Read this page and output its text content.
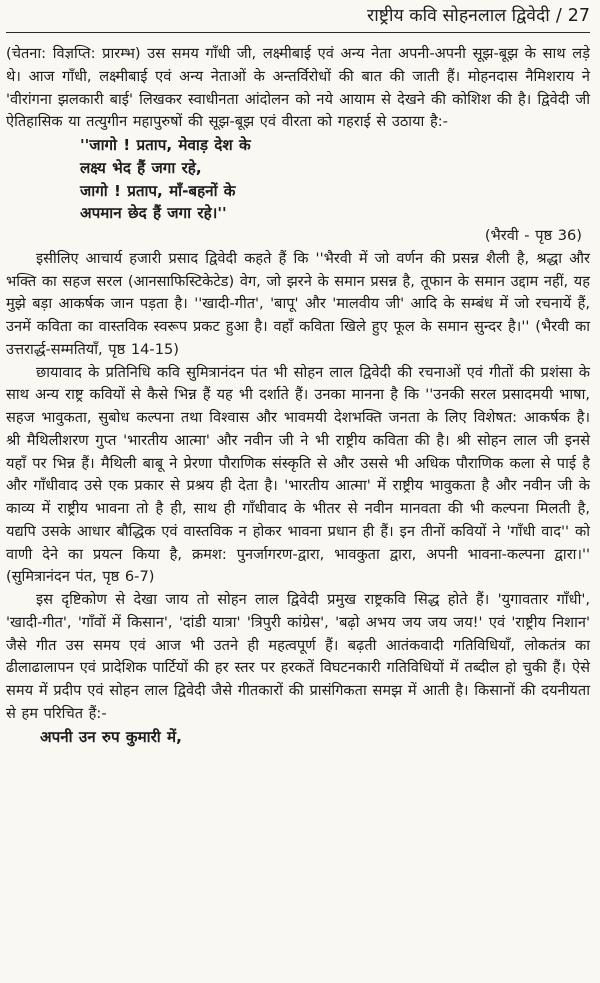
राष्ट्रीय कवि सोहनलाल द्विवेदी / 27

(चेतना: विज्ञप्ति: प्रारम्भ) उस समय गाँधी जी, लक्ष्मीबाई एवं अन्य नेता अपनी-अपनी सूझ-बूझ के साथ लड़े थे। आज गाँधी, लक्ष्मीबाई एवं अन्य नेताओं के अन्तर्विरोधों की बात की जाती हैं। मोहनदास नैमिशराय ने 'वीरांगना झलकारी बाई' लिखकर स्वाधीनता आंदोलन को नये आयाम से देखने की कोशिश की है। द्विवेदी जी ऐतिहासिक या तत्युगीन महापुरुषों की सूझ-बूझ एवं वीरता को गहराई से उठाया है:-

''जागो ! प्रताप, मेवाड़ देश के
लक्ष्य भेद हैं जगा रहे,
जागो ! प्रताप, माँ-बहनों के
अपमान छेद हैं जगा रहे।''

(भैरवी - पृष्ठ 36)

इसीलिए आचार्य हजारी प्रसाद द्विवेदी कहते हैं कि ''भैरवी में जो वर्णन की प्रसन्न शैली है, श्रद्धा और भक्ति का सहज सरल (आनसाफिस्टिकेटेड) वेग, जो झरने के समान प्रसन्न है, तूफान के समान उद्दाम नहीं, यह मुझे बड़ा आकर्षक जान पड़ता है। ''खादी-गीत', 'बापू' और 'मालवीय जी' आदि के सम्बंध में जो रचनायें हैं, उनमें कविता का वास्तविक स्वरूप प्रकट हुआ है। वहाँ कविता खिले हुए फूल के समान सुन्दर है।'' (भैरवी का उत्तरार्द्ध-सम्मतियाँ, पृष्ठ 14-15)

छायावाद के प्रतिनिधि कवि सुमित्रानंदन पंत भी सोहन लाल द्विवेदी की रचनाओं एवं गीतों की प्रशंसा के साथ अन्य राष्ट्र कवियों से कैसे भिन्न हैं यह भी दर्शाते हैं। उनका मानना है कि ''उनकी सरल प्रसादमयी भाषा, सहज भावुकता, सुबोध कल्पना तथा विश्वास और भावमयी देशभक्ति जनता के लिए विशेषत: आकर्षक है। श्री मैथिलीशरण गुप्त 'भारतीय आत्मा' और नवीन जी ने भी राष्ट्रीय कविता की है। श्री सोहन लाल जी इनसे यहाँ पर भिन्न हैं। मैथिली बाबू ने प्रेरणा पौराणिक संस्कृति से और उससे भी अधिक पौराणिक कला से पाई है और गाँधीवाद उसे एक प्रकार से प्रश्रय ही देता है। 'भारतीय आत्मा' में राष्ट्रीय भावुकता है और नवीन जी के काव्य में राष्ट्रीय भावना तो है ही, साथ ही गाँधीवाद के भीतर से नवीन मानवता की भी कल्पना मिलती है, यद्यपि उसके आधार बौद्धिक एवं वास्तविक न होकर भावना प्रधान ही हैं। इन तीनों कवियों ने 'गाँधी वाद'' को वाणी देने का प्रयत्न किया है, क्रमश: पुनर्जागरण-द्वारा, भावकुता द्वारा, अपनी भावना-कल्पना द्वारा।'' (सुमित्रानंदन पंत, पृष्ठ 6-7)

इस दृष्टिकोण से देखा जाय तो सोहन लाल द्विवेदी प्रमुख राष्ट्रकवि सिद्ध होते हैं। 'युगावतार गाँधी', 'खादी-गीत', 'गाँवों में किसान', 'दांडी यात्रा' 'त्रिपुरी कांग्रेस', 'बढ़ो अभय जय जय जय!' एवं 'राष्ट्रीय निशान' जैसे गीत उस समय एवं आज भी उतने ही महत्वपूर्ण हैं। बढ़ती आतंकवादी गतिविधियाँ, लोकतंत्र का ढीलाढालापन एवं प्रादेशिक पार्टियों की हर स्तर पर हरकतें विघटनकारी गतिविधियों में तब्दील हो चुकी हैं। ऐसे समय में प्रदीप एवं सोहन लाल द्विवेदी जैसे गीतकारों की प्रासंगिकता समझ में आती है। किसानों की दयनीयता से हम परिचित हैं:-

अपनी उन रुप कुमारी में,
